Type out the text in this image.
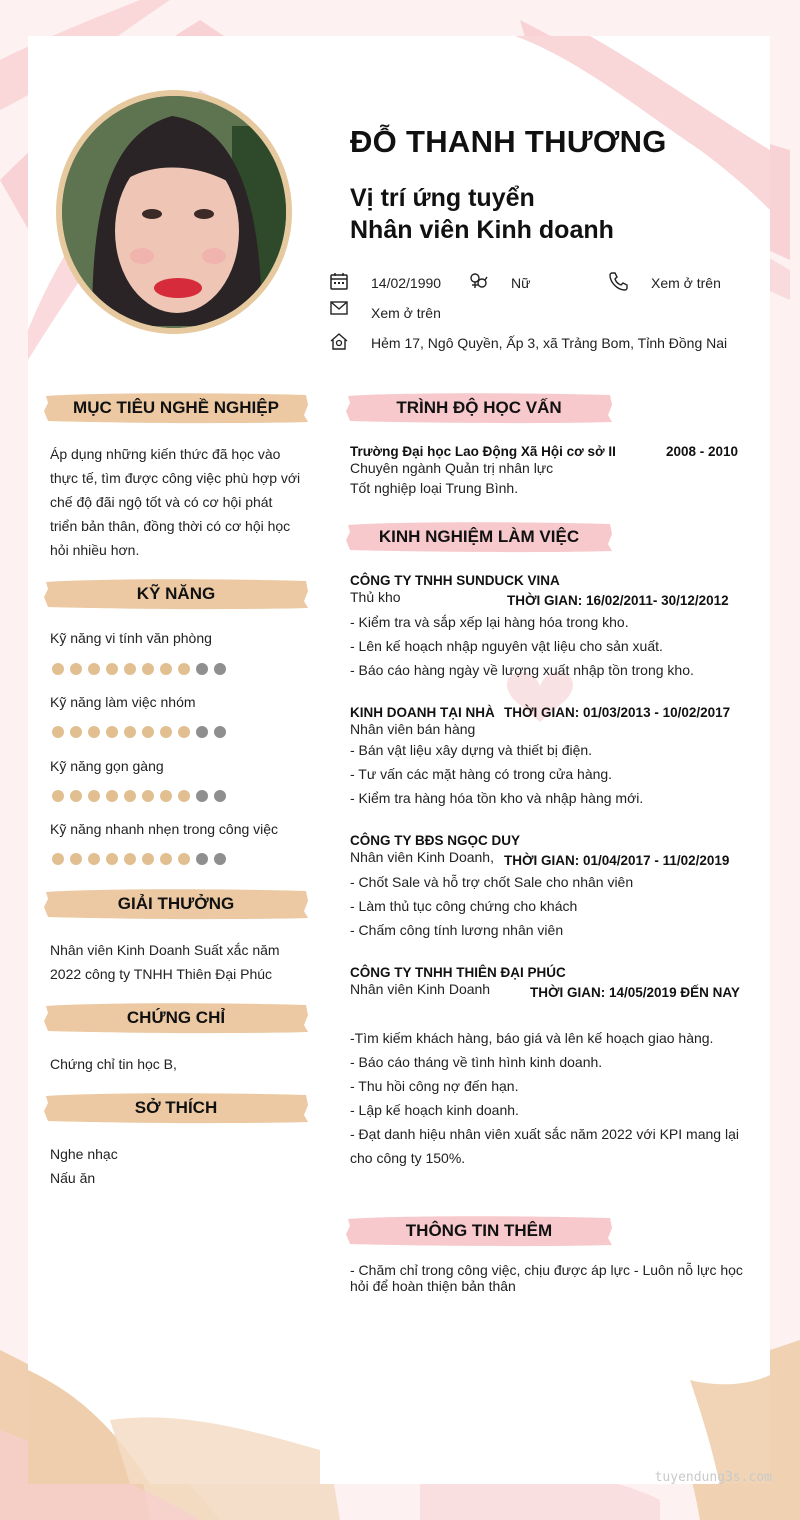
ĐỖ THANH THƯƠNG
Vị trí ứng tuyển
Nhân viên Kinh doanh
14/02/1990	Nữ	Xem ở trên
Xem ở trên
Hẻm 17, Ngô Quyền, Ấp 3, xã Trảng Bom, Tỉnh Đồng Nai
MỤC TIÊU NGHỀ NGHIỆP
Áp dụng những kiến thức đã học vào
thực tế, tìm được công việc phù hợp với
chế độ đãi ngộ tốt và có cơ hội phát
triển bản thân, đồng thời có cơ hội học
hỏi nhiều hơn.
KỸ NĂNG
Kỹ năng vi tính văn phòng
Kỹ năng làm việc nhóm
Kỹ năng gọn gàng
Kỹ năng nhanh nhẹn trong công việc
GIẢI THƯỞNG
Nhân viên Kinh Doanh Suất xắc năm
2022 công ty TNHH Thiên Đại Phúc
CHỨNG CHỈ
Chứng chỉ tin học B,
SỞ THÍCH
Nghe nhạc
Nấu ăn
TRÌNH ĐỘ HỌC VẤN
Trường Đại học Lao Động Xã Hội cơ sở II	2008 - 2010
Chuyên ngành Quản trị nhân lực
Tốt nghiệp loại Trung Bình.
KINH NGHIỆM LÀM VIỆC
CÔNG TY TNHH SUNDUCK VINA
Thủ kho	THỜI GIAN: 16/02/2011- 30/12/2012
- Kiểm tra và sắp xếp lại hàng hóa trong kho.
- Lên kế hoạch nhập nguyên vật liệu cho sản xuất.
- Báo cáo hàng ngày về lượng xuất nhập tồn trong kho.
KINH DOANH TẠI NHÀ THỜI GIAN: 01/03/2013 - 10/02/2017
Nhân viên bán hàng
- Bán vật liệu xây dựng và thiết bị điện.
- Tư vấn các mặt hàng có trong cửa hàng.
- Kiểm tra hàng hóa tồn kho và nhập hàng mới.
CÔNG TY BĐS NGỌC DUY
Nhân viên Kinh Doanh, THỜI GIAN: 01/04/2017 - 11/02/2019
- Chốt Sale và hỗ trợ chốt Sale cho nhân viên
- Làm thủ tục công chứng cho khách
- Chấm công tính lương nhân viên
CÔNG TY TNHH THIÊN ĐẠI PHÚC
Nhân viên Kinh Doanh	THỜI GIAN: 14/05/2019 ĐẾN NAY
-Tìm kiếm khách hàng, báo giá và lên kế hoạch giao hàng.
- Báo cáo tháng về tình hình kinh doanh.
- Thu hồi công nợ đến hạn.
- Lập kế hoạch kinh doanh.
- Đạt danh hiệu nhân viên xuất sắc năm 2022 với KPI mang lại
cho công ty 150%.
THÔNG TIN THÊM
- Chăm chỉ trong công việc, chịu được áp lực - Luôn nỗ lực học
hỏi để hoàn thiện bản thân
tuyendung3s.com
